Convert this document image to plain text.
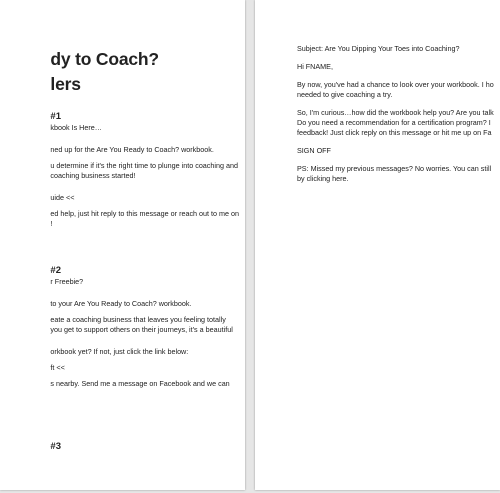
dy to Coach?
lers
#1
kbook Is Here…
ned up for the Are You Ready to Coach? workbook.
u determine if it's the right time to plunge into coaching and
coaching business started!
uide <<
ed help, just hit reply to this message or reach out to me on
!
#2
r Freebie?
to your Are You Ready to Coach? workbook.
eate a coaching business that leaves you feeling totally
you get to support others on their journeys, it's a beautiful
orkbook yet? If not, just click the link below:
ft <<
s nearby. Send me a message on Facebook and we can
#3
Subject: Are You Dipping Your Toes into Coaching?
Hi FNAME,
By now, you've had a chance to look over your workbook. I ho
needed to give coaching a try.
So, I'm curious…how did the workbook help you? Are you talk
Do you need a recommendation for a certification program? I
feedback! Just click reply on this message or hit me up on Fa
SIGN OFF
PS: Missed my previous messages? No worries. You can still
by clicking here.
